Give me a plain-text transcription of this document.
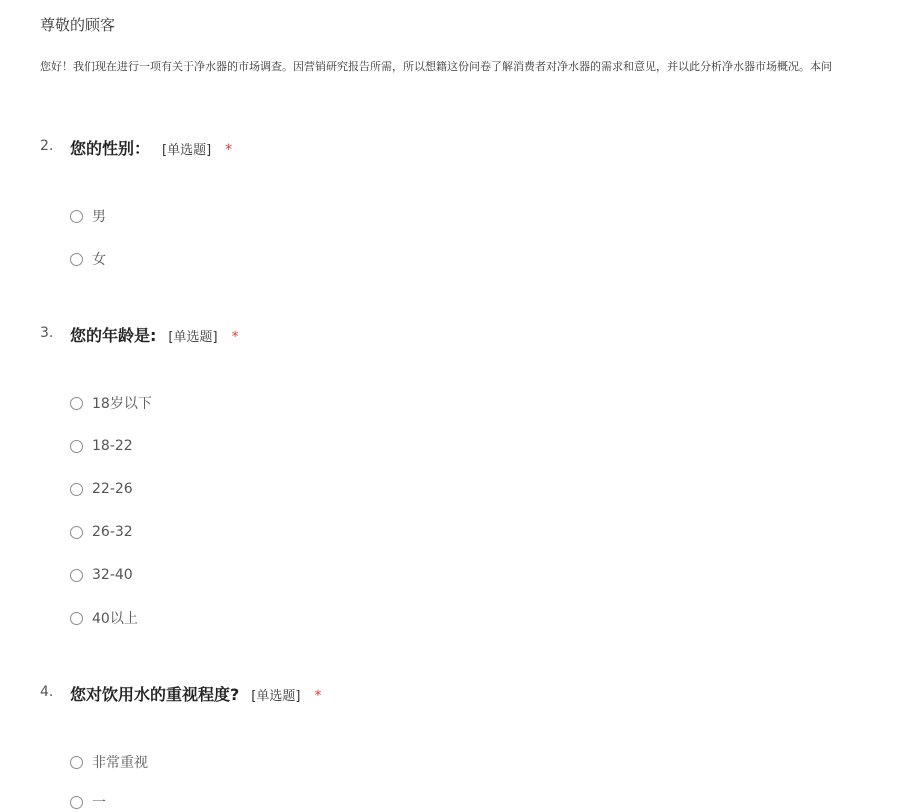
尊敬的顾客
您好！我们现在进行一项有关于净水器的市场调查。因营销研究报告所需，所以想籍这份问卷了解消费者对净水器的需求和意见，并以此分析净水器市场概况。本问
2. 您的性别： [单选题] *
男
女
3. 您的年龄是: [单选题] *
18岁以下
18-22
22-26
26-32
32-40
40以上
4. 您对饮用水的重视程度? [单选题] *
非常重视
一
